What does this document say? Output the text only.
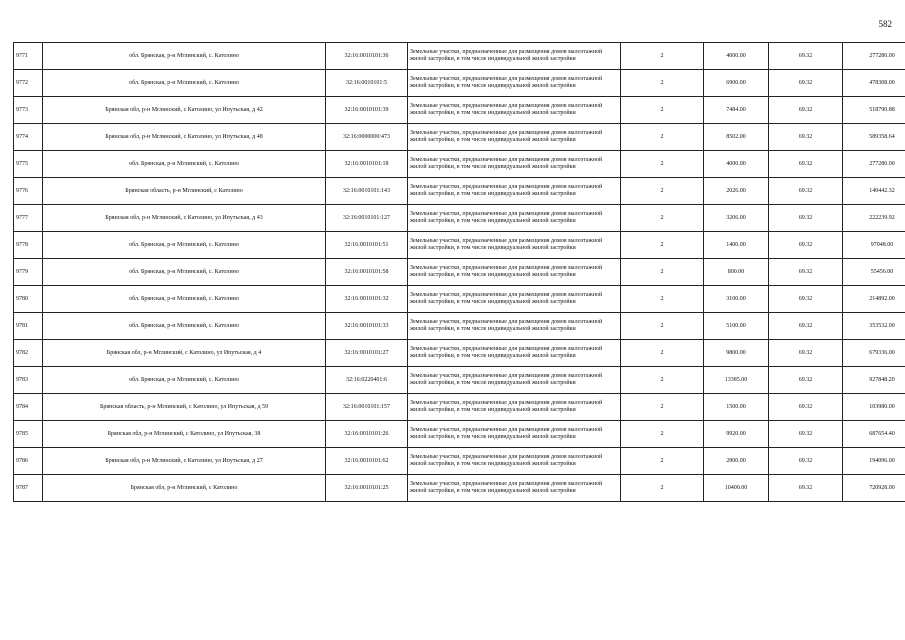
582
9771	обл. Брянская, р-н Мглинский, с. Католино	32:16:0010101:36	Земельные участки, предназначенные для размещения домов малоэтажной жилой застройки, в том числе индивидуальной жилой застройки	2	4000.00	69.32	277280.00
9772	обл. Брянская, р-н Мглинский, с. Католино	32:16:0010101:5	Земельные участки, предназначенные для размещения домов малоэтажной жилой застройки, в том числе индивидуальной жилой застройки	2	6900.00	69.32	478308.00
9773	Брянская обл, р-н Мглинский, с Католино, ул Ипутьская, д 42	32:16:0010101:39	Земельные участки, предназначенные для размещения домов малоэтажной жилой застройки, в том числе индивидуальной жилой застройки	2	7484.00	69.32	518790.88
9774	Брянская обл, р-н Мглинский, с Католино, ул Ипутьская, д 48	32:16:0000000:473	Земельные участки, предназначенные для размещения домов малоэтажной жилой застройки, в том числе индивидуальной жилой застройки	2	8502.00	69.32	589358.64
9775	обл. Брянская, р-н Мглинский, с. Католино	32:16:0010101:18	Земельные участки, предназначенные для размещения домов малоэтажной жилой застройки, в том числе индивидуальной жилой застройки	2	4000.00	69.32	277280.00
9776	Брянская область, р-н Мглинский, с Католино	32:16:0010101:143	Земельные участки, предназначенные для размещения домов малоэтажной жилой застройки, в том числе индивидуальной жилой застройки	2	2026.00	69.32	140442.32
9777	Брянская обл, р-н Мглинский, с Католино, ул Ипутьская, д 43	32:16:0010101:127	Земельные участки, предназначенные для размещения домов малоэтажной жилой застройки, в том числе индивидуальной жилой застройки	2	3206.00	69.32	222239.92
9778	обл. Брянская, р-н Мглинский, с. Католино	32:16:0010101:51	Земельные участки, предназначенные для размещения домов малоэтажной жилой застройки, в том числе индивидуальной жилой застройки	2	1400.00	69.32	97048.00
9779	обл. Брянская, р-н Мглинский, с. Католино	32:16:0010101:58	Земельные участки, предназначенные для размещения домов малоэтажной жилой застройки, в том числе индивидуальной жилой застройки	2	800.00	69.32	55456.00
9780	обл. Брянская, р-н Мглинский, с. Католино	32:16:0010101:32	Земельные участки, предназначенные для размещения домов малоэтажной жилой застройки, в том числе индивидуальной жилой застройки	2	3100.00	69.32	214892.00
9781	обл. Брянская, р-н Мглинский, с. Католино	32:16:0010101:33	Земельные участки, предназначенные для размещения домов малоэтажной жилой застройки, в том числе индивидуальной жилой застройки	2	5100.00	69.32	353532.00
9782	Брянская обл, р-н Мглинский, с Католино, ул Ипутьская, д 4	32:16:0010101:27	Земельные участки, предназначенные для размещения домов малоэтажной жилой застройки, в том числе индивидуальной жилой застройки	2	9800.00	69.32	679336.00
9783	обл. Брянская, р-н Мглинский, с. Католино	32:16:0220401:6	Земельные участки, предназначенные для размещения домов малоэтажной жилой застройки, в том числе индивидуальной жилой застройки	2	13385.00	69.32	927848.20
9784	Брянская область, р-н Мглинский, с Католино, ул Ипутьская, д 59	32:16:0010101:157	Земельные участки, предназначенные для размещения домов малоэтажной жилой застройки, в том числе индивидуальной жилой застройки	2	1500.00	69.32	103980.00
9785	Брянская обл, р-н Мглинский, с Католино, ул Ипутьская, 38	32:16:0010101:26	Земельные участки, предназначенные для размещения домов малоэтажной жилой застройки, в том числе индивидуальной жилой застройки	2	9920.00	69.32	687654.40
9786	Брянская обл, р-н Мглинский, с Католино, ул Ипутьская, д 27	32:16:0010101:62	Земельные участки, предназначенные для размещения домов малоэтажной жилой застройки, в том числе индивидуальной жилой застройки	2	2800.00	69.32	194096.00
9787	Брянская обл, р-н Мглинский, с Католино	32:16:0010101:25	Земельные участки, предназначенные для размещения домов малоэтажной жилой застройки, в том числе индивидуальной жилой застройки	2	10400.00	69.32	720928.00
